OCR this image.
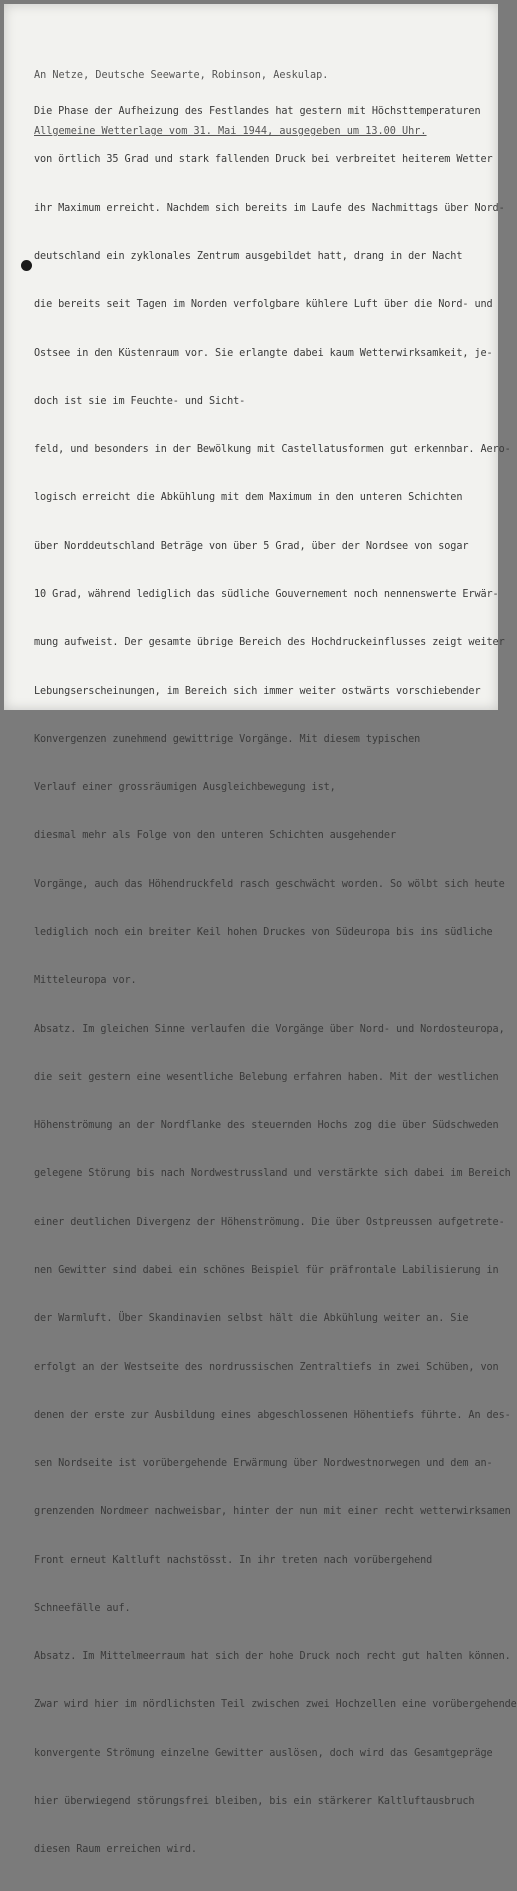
An Netze, Deutsche Seewarte, Robinson, Aeskulap.

Allgemeine Wetterlage vom 31. Mai 1944, ausgegeben um 13.00 Uhr.

Die Phase der Aufheizung des Festlandes hat gestern mit Höchsttemperaturen

von örtlich 35 Grad und stark fallenden Druck bei verbreitet heiterem Wetter

ihr Maximum erreicht. Nachdem sich bereits im Laufe des Nachmittags über Nord-

deutschland ein zyklonales Zentrum ausgebildet hatt, drang in der Nacht

die bereits seit Tagen im Norden verfolgbare kühlere Luft über die Nord- und

Ostsee in den Küstenraum vor. Sie erlangte dabei kaum Wetterwirksamkeit, je-

doch ist sie im Feuchte- und Sicht-

feld, und besonders in der Bewölkung mit Castellatusformen gut erkennbar. Aero-

logisch erreicht die Abkühlung mit dem Maximum in den unteren Schichten

über Norddeutschland Beträge von über 5 Grad, über der Nordsee von sogar

10 Grad, während lediglich das südliche Gouvernement noch nennenswerte Erwär-

mung aufweist. Der gesamte übrige Bereich des Hochdruckeinflusses zeigt weiter

Lebungserscheinungen, im Bereich sich immer weiter ostwärts vorschiebender

Konvergenzen zunehmend gewittrige Vorgänge. Mit diesem typischen

Verlauf einer grossräumigen Ausgleichbewegung ist,

diesmal mehr als Folge von den unteren Schichten ausgehender

Vorgänge, auch das Höhendruckfeld rasch geschwächt worden. So wölbt sich heute

lediglich noch ein breiter Keil hohen Druckes von Südeuropa bis ins südliche

Mitteleuropa vor.

Absatz. Im gleichen Sinne verlaufen die Vorgänge über Nord- und Nordosteuropa,

die seit gestern eine wesentliche Belebung erfahren haben. Mit der westlichen

Höhenströmung an der Nordflanke des steuernden Hochs zog die über Südschweden

gelegene Störung bis nach Nordwestrussland und verstärkte sich dabei im Bereich

einer deutlichen Divergenz der Höhenströmung. Die über Ostpreussen aufgetrete-

nen Gewitter sind dabei ein schönes Beispiel für präfrontale Labilisierung in

der Warmluft. Über Skandinavien selbst hält die Abkühlung weiter an. Sie

erfolgt an der Westseite des nordrussischen Zentraltiefs in zwei Schüben, von

denen der erste zur Ausbildung eines abgeschlossenen Höhentiefs führte. An des-

sen Nordseite ist vorübergehende Erwärmung über Nordwestnorwegen und dem an-

grenzenden Nordmeer nachweisbar, hinter der nun mit einer recht wetterwirksamen

Front erneut Kaltluft nachstösst. In ihr treten nach vorübergehend

Schneefälle auf.

Absatz. Im Mittelmeerraum hat sich der hohe Druck noch recht gut halten können.

Zwar wird hier im nördlichsten Teil zwischen zwei Hochzellen eine vorübergehende

konvergente Strömung einzelne Gewitter auslösen, doch wird das Gesamtgepräge

hier überwiegend störungsfrei bleiben, bis ein stärkerer Kaltluftausbruch

diesen Raum erreichen wird.
